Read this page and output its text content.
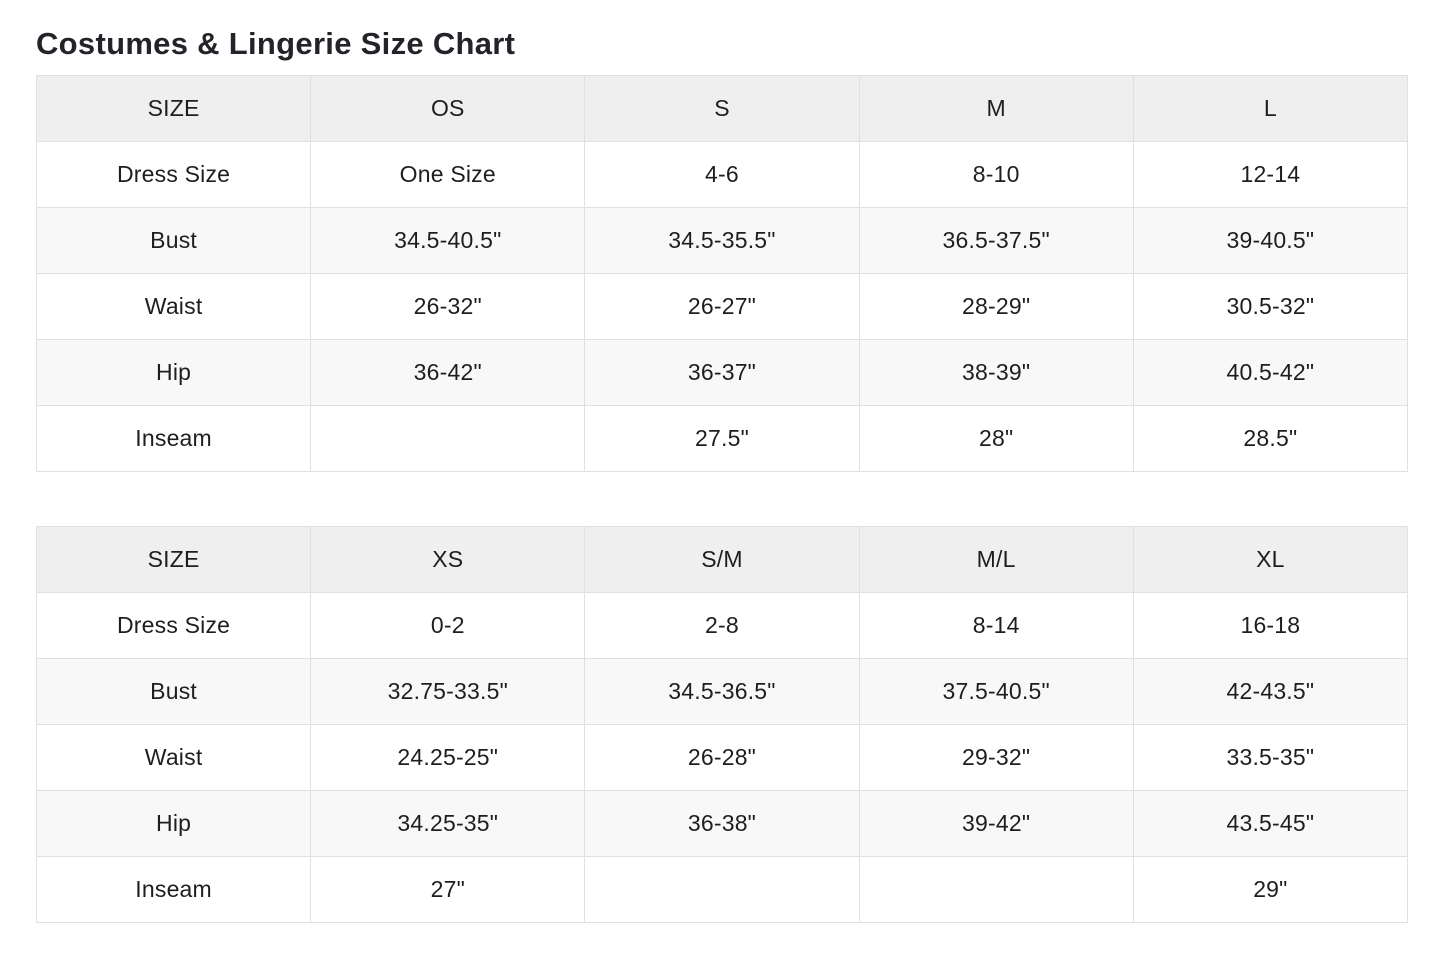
Costumes & Lingerie Size Chart
SIZE	OS	S	M	L
Dress Size	One Size	4-6	8-10	12-14
Bust	34.5-40.5"	34.5-35.5"	36.5-37.5"	39-40.5"
Waist	26-32"	26-27"	28-29"	30.5-32"
Hip	36-42"	36-37"	38-39"	40.5-42"
Inseam		27.5"	28"	28.5"
SIZE	XS	S/M	M/L	XL
Dress Size	0-2	2-8	8-14	16-18
Bust	32.75-33.5"	34.5-36.5"	37.5-40.5"	42-43.5"
Waist	24.25-25"	26-28"	29-32"	33.5-35"
Hip	34.25-35"	36-38"	39-42"	43.5-45"
Inseam	27"			29"
